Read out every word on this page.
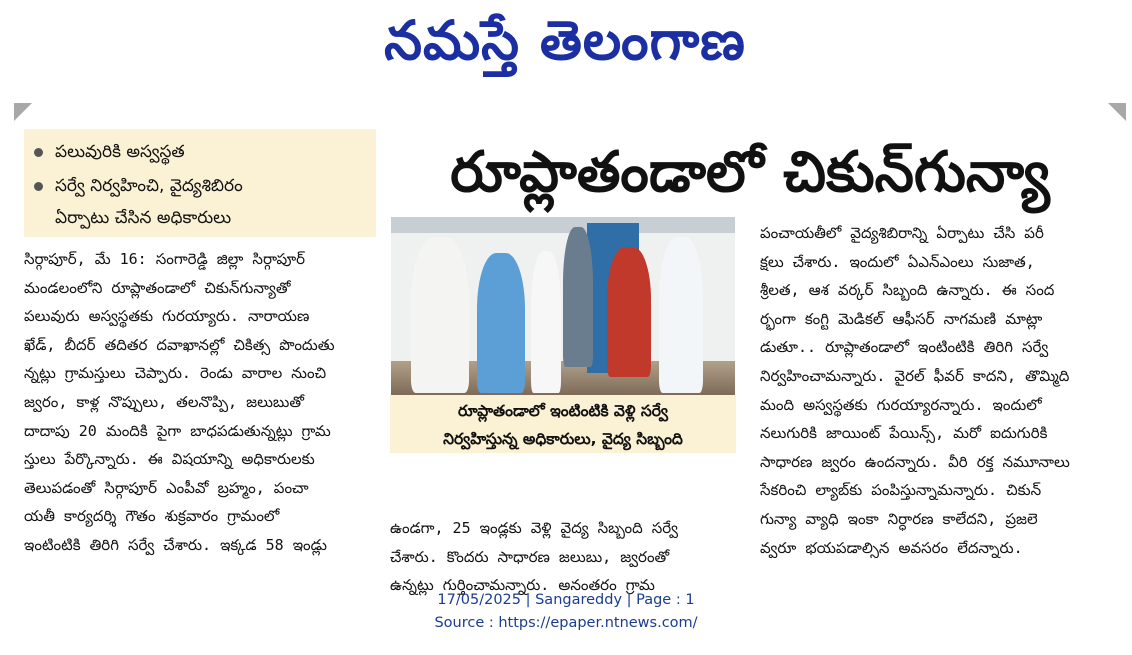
నమస్తే తెలంగాణ
పలువురికి అస్వస్థత
సర్వే నిర్వహించి, వైద్యశిబిరం
ఏర్పాటు చేసిన అధికారులు
రూప్లాతండాలో చికున్‌గున్యా

సిర్గాపూర్, మే 16: సంగారెడ్డి జిల్లా సిర్గాపూర్

మండలంలోని రూప్లాతండాలో చికున్‌గున్యాతో

పలువురు అస్వస్థతకు గురయ్యారు. నారాయణ

ఖేడ్, బీదర్ తదితర దవాఖానల్లో చికిత్స పొందుతు

న్నట్లు గ్రామస్తులు చెప్పారు. రెండు వారాల నుంచి

జ్వరం, కాళ్ల నొప్పులు, తలనొప్పి, జలుబుతో

దాదాపు 20 మందికి పైగా బాధపడుతున్నట్లు గ్రామ

స్తులు పేర్కొన్నారు. ఈ విషయాన్ని అధికారులకు

తెలుపడంతో సిర్గాపూర్ ఎంపీవో బ్రహ్మం, పంచా

యతీ కార్యదర్శి గౌతం శుక్రవారం గ్రామంలో

ఇంటింటికి తిరిగి సర్వే చేశారు. ఇక్కడ 58 ఇండ్లు

రూప్లాతండాలో ఇంటింటికి వెళ్లి సర్వే
నిర్వహిస్తున్న అధికారులు, వైద్య సిబ్బంది

ఉండగా, 25 ఇండ్లకు వెళ్లి వైద్య సిబ్బంది సర్వే

చేశారు. కొందరు సాధారణ జలుబు, జ్వరంతో

ఉన్నట్లు గుర్తించామన్నారు. అనంతరం గ్రామ

పంచాయతీలో వైద్యశిబిరాన్ని ఏర్పాటు చేసి పరీ

క్షలు చేశారు. ఇందులో ఏఎన్‌ఎంలు సుజాత,

శ్రీలత, ఆశ వర్కర్ సిబ్బంది ఉన్నారు. ఈ సంద

ర్భంగా కంగ్టి మెడికల్ ఆఫీసర్ నాగమణి మాట్లా

డుతూ.. రూప్లాతండాలో ఇంటింటికి తిరిగి సర్వే

నిర్వహించామన్నారు. వైరల్ ఫీవర్ కాదని, తొమ్మిది

మంది అస్వస్థతకు గురయ్యారన్నారు. ఇందులో

నలుగురికి జాయింట్ పేయిన్స్, మరో ఐదుగురికి

సాధారణ జ్వరం ఉందన్నారు. వీరి రక్త నమూనాలు

సేకరించి ల్యాబ్‌కు పంపిస్తున్నామన్నారు. చికున్

గున్యా వ్యాధి ఇంకా నిర్ధారణ కాలేదని, ప్రజలె

వ్వరూ భయపడాల్సిన అవసరం లేదన్నారు.

17/05/2025 | Sangareddy | Page : 1
Source : https://epaper.ntnews.com/
